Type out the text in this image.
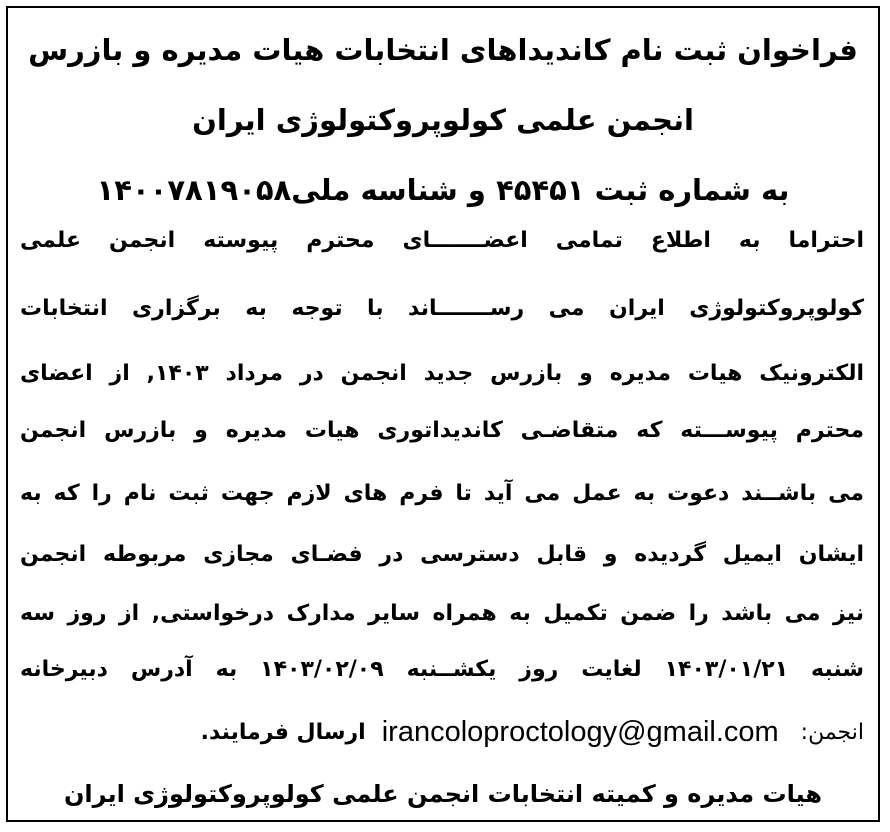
فراخوان ثبت نام کاندیداهای انتخابات هیات مدیره و بازرس
انجمن علمی کولوپروکتولوژی ایران
به شماره ثبت ۴۵۴۵۱ و شناسه ملی۱۴۰۰۷۸۱۹۰۵۸
احتراما به اطلاع تمامی اعضـــــــای محترم پیوسته انجمن علمی
کولوپروکتولوژی ایران می رســـــــاند با توجه به برگزاری انتخابات
الکترونیک هیات مدیره و بازرس جدید انجمن در مرداد ۱۴۰۳, از اعضای
محترم پیوســـته که متقاضـی کاندیداتوری هیات مدیره و بازرس انجمن
می باشــند دعوت به عمل می آید تا فرم های لازم جهت ثبت نام را که به
ایشان ایمیل گردیده و قابل دسترسی در فضـای مجازی مربوطه انجمن
نیز می باشد را ضمن تکمیل به همراه سایر مدارک درخواستی, از روز سه
شنبه ۱۴۰۳/۰۱/۲۱ لغایت روز یکشــنبه ۱۴۰۳/۰۲/۰۹ به آدرس دبیرخانه
انجمن:
irancoloproctology@gmail.com
ارسال فرمایند.
هیات مدیره و کمیته انتخابات انجمن علمی کولوپروکتولوژی ایران
